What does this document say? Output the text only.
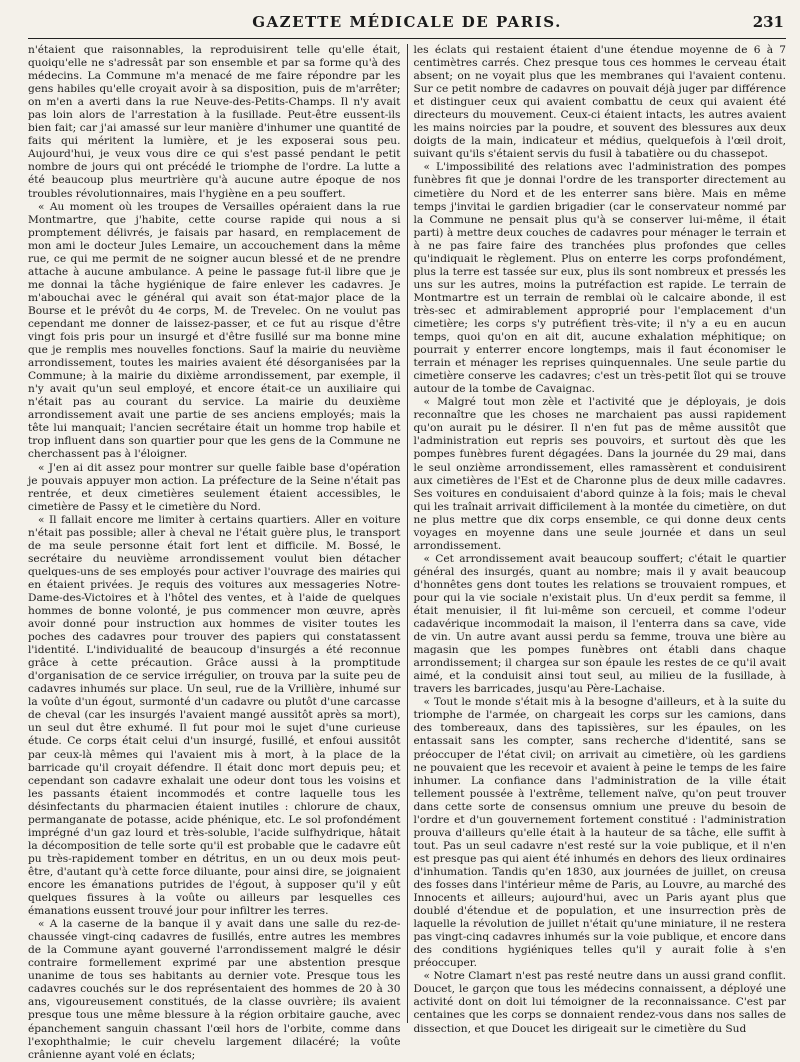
GAZETTE MÉDICALE DE PARIS.	231

n'étaient que raisonnables, la reproduisirent telle qu'elle était, quoiqu'elle ne s'adressât par son ensemble et par sa forme qu'à des médecins. La Commune m'a menacé de me faire répondre par les gens habiles qu'elle croyait avoir à sa disposition, puis de m'arrêter; on m'en a averti dans la rue Neuve-des-Petits-Champs. Il n'y avait pas loin alors de l'arrestation à la fusillade. Peut-être eussent-ils bien fait; car j'ai amassé sur leur manière d'inhumer une quantité de faits qui méritent la lumière, et je les exposerai sous peu. Aujourd'hui, je veux vous dire ce qui s'est passé pendant le petit nombre de jours qui ont précédé le triomphe de l'ordre. La lutte a été beaucoup plus meurtrière qu'à aucune autre époque de nos troubles révolutionnaires, mais l'hygiène en a peu souffert.

« Au moment où les troupes de Versailles opéraient dans la rue Montmartre, que j'habite, cette course rapide qui nous a si promptement délivrés, je faisais par hasard, en remplacement de mon ami le docteur Jules Lemaire, un accouchement dans la même rue, ce qui me permit de ne soigner aucun blessé et de ne prendre attache à aucune ambulance. A peine le passage fut-il libre que je me donnai la tâche hygiénique de faire enlever les cadavres. Je m'abouchai avec le général qui avait son état-major place de la Bourse et le prévôt du 4e corps, M. de Trevelec. On ne voulut pas cependant me donner de laissez-passer, et ce fut au risque d'être vingt fois pris pour un insurgé et d'être fusillé sur ma bonne mine que je remplis mes nouvelles fonctions. Sauf la mairie du neuvième arrondissement, toutes les mairies avaient été désorganisées par la Commune; à la mairie du dixième arrondissement, par exemple, il n'y avait qu'un seul employé, et encore était-ce un auxiliaire qui n'était pas au courant du service. La mairie du deuxième arrondissement avait une partie de ses anciens employés; mais la tête lui manquait; l'ancien secrétaire était un homme trop habile et trop influent dans son quartier pour que les gens de la Commune ne cherchassent pas à l'éloigner.

« J'en ai dit assez pour montrer sur quelle faible base d'opération je pouvais appuyer mon action. La préfecture de la Seine n'était pas rentrée, et deux cimetières seulement étaient accessibles, le cimetière de Passy et le cimetière du Nord.

« Il fallait encore me limiter à certains quartiers. Aller en voiture n'était pas possible; aller à cheval ne l'était guère plus, le transport de ma seule personne était fort lent et difficile. M. Bossé, le secrétaire du neuvième arrondissement voulut bien détacher quelques-uns de ses employés pour activer l'ouvrage des mairies qui en étaient privées. Je requis des voitures aux messageries Notre-Dame-des-Victoires et à l'hôtel des ventes, et à l'aide de quelques hommes de bonne volonté, je pus commencer mon œuvre, après avoir donné pour instruction aux hommes de visiter toutes les poches des cadavres pour trouver des papiers qui constatassent l'identité. L'individualité de beaucoup d'insurgés a été reconnue grâce à cette précaution. Grâce aussi à la promptitude d'organisation de ce service irrégulier, on trouva par la suite peu de cadavres inhumés sur place. Un seul, rue de la Vrillière, inhumé sur la voûte d'un égout, surmonté d'un cadavre ou plutôt d'une carcasse de cheval (car les insurgés l'avaient mangé aussitôt après sa mort), un seul dut être exhumé. Il fut pour moi le sujet d'une curieuse étude. Ce corps était celui d'un insurgé, fusillé, et enfoui aussitôt par ceux-là mêmes qui l'avaient mis à mort, à la place de la barricade qu'il croyait défendre. Il était donc mort depuis peu; et cependant son cadavre exhalait une odeur dont tous les voisins et les passants étaient incommodés et contre laquelle tous les désinfectants du pharmacien étaient inutiles : chlorure de chaux, permanganate de potasse, acide phénique, etc. Le sol profondément imprégné d'un gaz lourd et très-soluble, l'acide sulfhydrique, hâtait la décomposition de telle sorte qu'il est probable que le cadavre eût pu très-rapidement tomber en détritus, en un ou deux mois peut-être, d'autant qu'à cette force diluante, pour ainsi dire, se joignaient encore les émanations putrides de l'égout, à supposer qu'il y eût quelques fissures à la voûte ou ailleurs par lesquelles ces émanations eussent trouvé jour pour infiltrer les terres.

« A la caserne de la banque il y avait dans une salle du rez-de-chaussée vingt-cinq cadavres de fusillés, entre autres les membres de la Commune ayant gouverné l'arrondissement malgré le désir contraire formellement exprimé par une abstention presque unanime de tous ses habitants au dernier vote. Presque tous les cadavres couchés sur le dos représentaient des hommes de 20 à 30 ans, vigoureusement constitués, de la classe ouvrière; ils avaient presque tous une même blessure à la région orbitaire gauche, avec épanchement sanguin chassant l'œil hors de l'orbite, comme dans l'exophthalmie; le cuir chevelu largement dilacéré; la voûte crânienne ayant volé en éclats;

les éclats qui restaient étaient d'une étendue moyenne de 6 à 7 centimètres carrés. Chez presque tous ces hommes le cerveau était absent; on ne voyait plus que les membranes qui l'avaient contenu. Sur ce petit nombre de cadavres on pouvait déjà juger par différence et distinguer ceux qui avaient combattu de ceux qui avaient été directeurs du mouvement. Ceux-ci étaient intacts, les autres avaient les mains noircies par la poudre, et souvent des blessures aux deux doigts de la main, indicateur et médius, quelquefois à l'œil droit, suivant qu'ils s'étaient servis du fusil à tabatière ou du chassepot.

« L'impossibilité des relations avec l'administration des pompes funèbres fit que je donnai l'ordre de les transporter directement au cimetière du Nord et de les enterrer sans bière. Mais en même temps j'invitai le gardien brigadier (car le conservateur nommé par la Commune ne pensait plus qu'à se conserver lui-même, il était parti) à mettre deux couches de cadavres pour ménager le terrain et à ne pas faire faire des tranchées plus profondes que celles qu'indiquait le règlement. Plus on enterre les corps profondément, plus la terre est tassée sur eux, plus ils sont nombreux et pressés les uns sur les autres, moins la putréfaction est rapide. Le terrain de Montmartre est un terrain de remblai où le calcaire abonde, il est très-sec et admirablement approprié pour l'emplacement d'un cimetière; les corps s'y putréfient très-vite; il n'y a eu en aucun temps, quoi qu'on en ait dit, aucune exhalation méphitique; on pourrait y enterrer encore longtemps, mais il faut économiser le terrain et ménager les reprises quinquennales. Une seule partie du cimetière conserve les cadavres; c'est un très-petit îlot qui se trouve autour de la tombe de Cavaignac.

« Malgré tout mon zèle et l'activité que je déployais, je dois reconnaître que les choses ne marchaient pas aussi rapidement qu'on aurait pu le désirer. Il n'en fut pas de même aussitôt que l'administration eut repris ses pouvoirs, et surtout dès que les pompes funèbres furent dégagées. Dans la journée du 29 mai, dans le seul onzième arrondissement, elles ramassèrent et conduisirent aux cimetières de l'Est et de Charonne plus de deux mille cadavres. Ses voitures en conduisaient d'abord quinze à la fois; mais le cheval qui les traînait arrivait difficilement à la montée du cimetière, on dut ne plus mettre que dix corps ensemble, ce qui donne deux cents voyages en moyenne dans une seule journée et dans un seul arrondissement.

« Cet arrondissement avait beaucoup souffert; c'était le quartier général des insurgés, quant au nombre; mais il y avait beaucoup d'honnêtes gens dont toutes les relations se trouvaient rompues, et pour qui la vie sociale n'existait plus. Un d'eux perdit sa femme, il était menuisier, il fit lui-même son cercueil, et comme l'odeur cadavérique incommodait la maison, il l'enterra dans sa cave, vide de vin. Un autre avant aussi perdu sa femme, trouva une bière au magasin que les pompes funèbres ont établi dans chaque arrondissement; il chargea sur son épaule les restes de ce qu'il avait aimé, et la conduisit ainsi tout seul, au milieu de la fusillade, à travers les barricades, jusqu'au Père-Lachaise.

« Tout le monde s'était mis à la besogne d'ailleurs, et à la suite du triomphe de l'armée, on chargeait les corps sur les camions, dans des tombereaux, dans des tapissières, sur les épaules, on les entassait sans les compter, sans recherche d'identité, sans se préoccuper de l'état civil; on arrivait au cimetière, où les gardiens ne pouvaient que les recevoir et avaient à peine le temps de les faire inhumer. La confiance dans l'administration de la ville était tellement poussée à l'extrême, tellement naïve, qu'on peut trouver dans cette sorte de consensus omnium une preuve du besoin de l'ordre et d'un gouvernement fortement constitué : l'administration prouva d'ailleurs qu'elle était à la hauteur de sa tâche, elle suffit à tout. Pas un seul cadavre n'est resté sur la voie publique, et il n'en est presque pas qui aient été inhumés en dehors des lieux ordinaires d'inhumation. Tandis qu'en 1830, aux journées de juillet, on creusa des fosses dans l'intérieur même de Paris, au Louvre, au marché des Innocents et ailleurs; aujourd'hui, avec un Paris ayant plus que doublé d'étendue et de population, et une insurrection près de laquelle la révolution de juillet n'était qu'une miniature, il ne restera pas vingt-cinq cadavres inhumés sur la voie publique, et encore dans des conditions hygiéniques telles qu'il y aurait folie à s'en préoccuper.

« Notre Clamart n'est pas resté neutre dans un aussi grand conflit. Doucet, le garçon que tous les médecins connaissent, a déployé une activité dont on doit lui témoigner de la reconnaissance. C'est par centaines que les corps se donnaient rendez-vous dans nos salles de dissection, et que Doucet les dirigeait sur le cimetière du Sud
